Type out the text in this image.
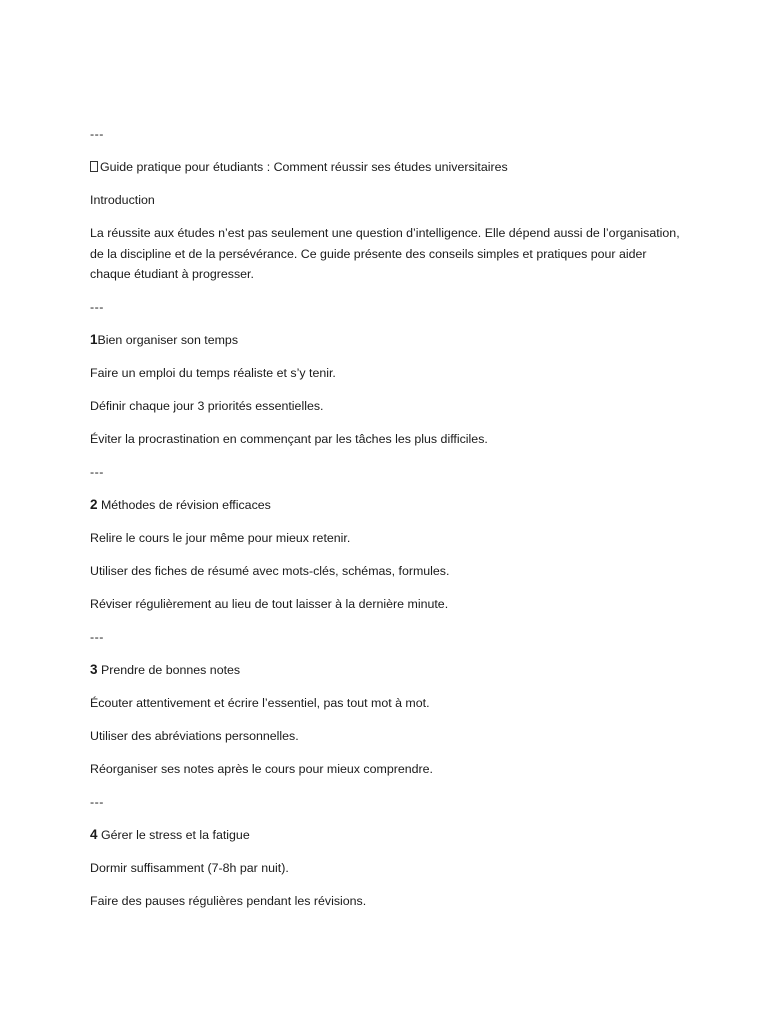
---
Guide pratique pour étudiants : Comment réussir ses études universitaires
Introduction
La réussite aux études n’est pas seulement une question d’intelligence. Elle dépend aussi de l’organisation, de la discipline et de la persévérance. Ce guide présente des conseils simples et pratiques pour aider chaque étudiant à progresser.
---
1Bien organiser son temps
Faire un emploi du temps réaliste et s’y tenir.
Définir chaque jour 3 priorités essentielles.
Éviter la procrastination en commençant par les tâches les plus difficiles.
---
2 Méthodes de révision efficaces
Relire le cours le jour même pour mieux retenir.
Utiliser des fiches de résumé avec mots-clés, schémas, formules.
Réviser régulièrement au lieu de tout laisser à la dernière minute.
---
3 Prendre de bonnes notes
Écouter attentivement et écrire l’essentiel, pas tout mot à mot.
Utiliser des abréviations personnelles.
Réorganiser ses notes après le cours pour mieux comprendre.
---
4 Gérer le stress et la fatigue
Dormir suffisamment (7-8h par nuit).
Faire des pauses régulières pendant les révisions.
